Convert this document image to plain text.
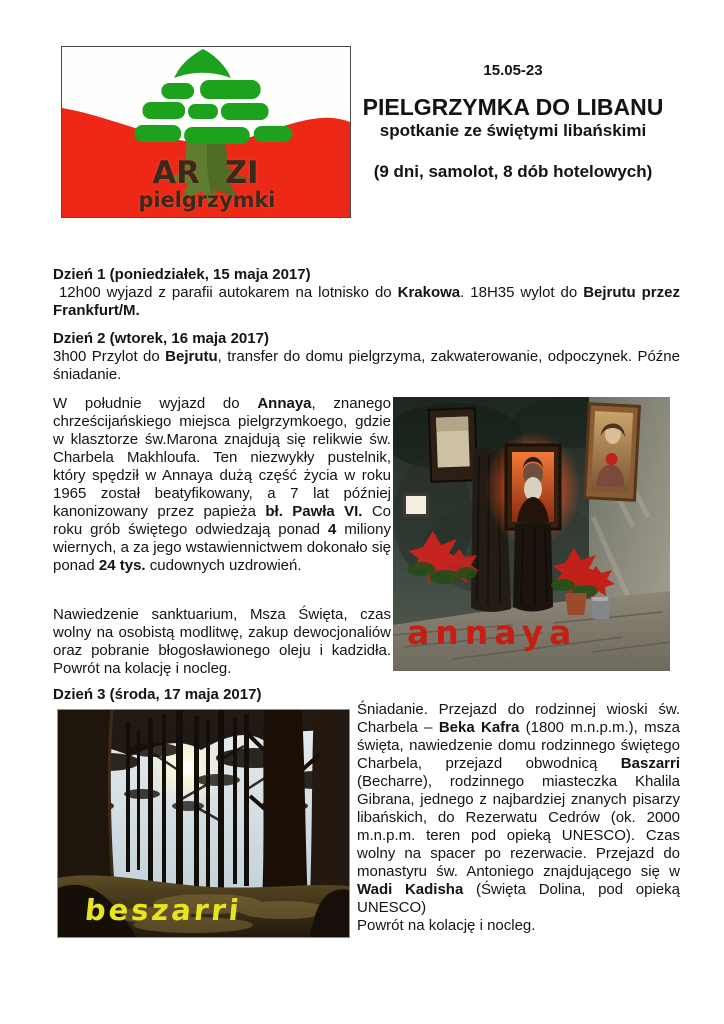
AR ZI
pielgrzymki
15.05-23
PIELGRZYMKA DO LIBANU
spotkanie ze świętymi libańskimi
(9 dni, samolot, 8 dób hotelowych)
Dzień 1 (poniedziałek, 15 maja 2017)

12h00 wyjazd z parafii autokarem na lotnisko do Krakowa. 18H35 wylot do Bejrutu przez Frankfurt/M.

Dzień 2 (wtorek, 16 maja 2017)

3h00 Przylot do Bejrutu, transfer do domu pielgrzyma, zakwaterowanie, odpoczynek. Późne śniadanie.

W południe wyjazd do Annaya, znanego chrześcijańskiego miejsca pielgrzymkoego, gdzie w klasztorze św.Marona znajdują się relikwie św. Charbela Makhloufa. Ten niezwykły pustelnik, który spędził w Annaya dużą część życia w roku 1965 został beatyfikowany, a 7 lat później kanonizowany przez papieża bł. Pawła VI. Co roku grób świętego odwiedzają ponad 4 miliony wiernych, a za jego wstawiennictwem dokonało się ponad 24 tys. cudownych uzdrowień.

Nawiedzenie sanktuarium, Msza Święta, czas wolny na osobistą modlitwę, zakup dewocjonaliów oraz pobranie błogosławionego oleju i kadzidła. Powrót na kolację i nocleg.

annaya
Dzień 3 (środa, 17 maja 2017)
beszarri

Śniadanie. Przejazd do rodzinnej wioski św. Charbela – Beka Kafra (1800 m.n.p.m.), msza święta, nawiedzenie domu rodzinnego świętego Charbela, przejazd obwodnicą Baszarri (Becharre), rodzinnego miasteczka Khalila Gibrana, jednego z najbardziej znanych pisarzy libańskich, do Rezerwatu Cedrów (ok. 2000 m.n.p.m. teren pod opieką UNESCO). Czas wolny na spacer po rezerwacie. Przejazd do monastyru św. Antoniego znajdującego się w Wadi Kadisha (Święta Dolina, pod opieką UNESCO)

Powrót na kolację i nocleg.
